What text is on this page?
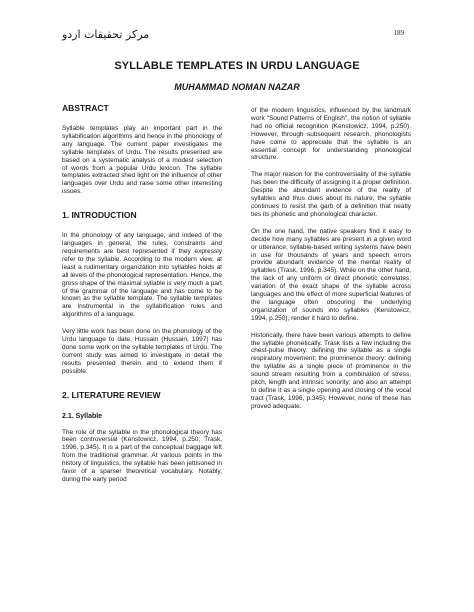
مرکز تحقیقات اردو	189
SYLLABLE TEMPLATES IN URDU LANGUAGE
MUHAMMAD NOMAN NAZAR
ABSTRACT

Syllable templates play an important part in the syllabification algorithms and hence in the phonology of any language. The current paper investigates the syllable templates of Urdu. The results presented are based on a systematic analysis of a modest selection of words from a popular Urdu lexicon. The syllable templates extracted shed light on the influence of other languages over Urdu and raise some other interesting issues.

1. INTRODUCTION

In the phonology of any language, and indeed of the languages in general, the rules, constraints and requirements are best represented if they expressly refer to the syllable. According to the modern view, at least a rudimentary organization into syllables holds at all levels of the phonological representation. Hence, the gross shape of the maximal syllable is very much a part of the grammar of the language and has come to be known as the syllable template. The syllable templates are instrumental in the syllabification rules and algorithms of a language.

Very little work has been done on the phonology of the Urdu language to date. Hussain (Hussain, 1997) has done some work on the syllable templates of Urdu. The current study was aimed to investigate in detail the results presented therein and to extend them if possible.

2. LITERATURE REVIEW
2.1. Syllable

The role of the syllable in the phonological theory has been controversial (Kenstowicz, 1994, p.250; Trask, 1996, p.345). It is a part of the conceptual baggage left from the traditional grammar. At various points in the history of linguistics, the syllable has been jettisoned in favor of a sparser theoretical vocabulary. Notably, during the early period

of the modern linguistics, influenced by the landmark work "Sound Patterns of English", the notion of syllable had no official recognition (Kenstowicz, 1994, p.250). However, through subsequent research, phonologists have come to appreciate that the syllable is an essential concept for understanding phonological structure.

The major reason for the controversiality of the syllable has been the difficulty of assigning it a proper definition. Despite the abundant evidence of the reality of syllables and thus clues about its nature, the syllable continues to resist the garb of a definition that neatly ties its phonetic and phonological character.

On the one hand, the native speakers find it easy to decide how many syllables are present in a given word or utterance; syllable-based writing systems have been in use for thousands of years and speech errors provide abundant evidence of the mental reality of syllables (Trask, 1996, p.345). While on the other hand, the lack of any uniform or direct phonetic correlates; variation of the exact shape of the syllable across languages and the effect of more superficial features of the language often obscuring the underlying organization of sounds into syllables (Kenstowicz, 1994, p.250), render it hard to define.

Historically, there have been various attempts to define the syllable phonetically. Trask lists a few including the chest-pulse theory: defining the syllable as a single respiratory movement; the prominence theory: defining the syllable as a single piece of prominence in the sound stream resulting from a combination of stress, pitch, length and intrinsic sonority; and also an attempt to define it as a single opening and closing of the vocal tract (Trask, 1996, p.345). However, none of these has proved adequate.
